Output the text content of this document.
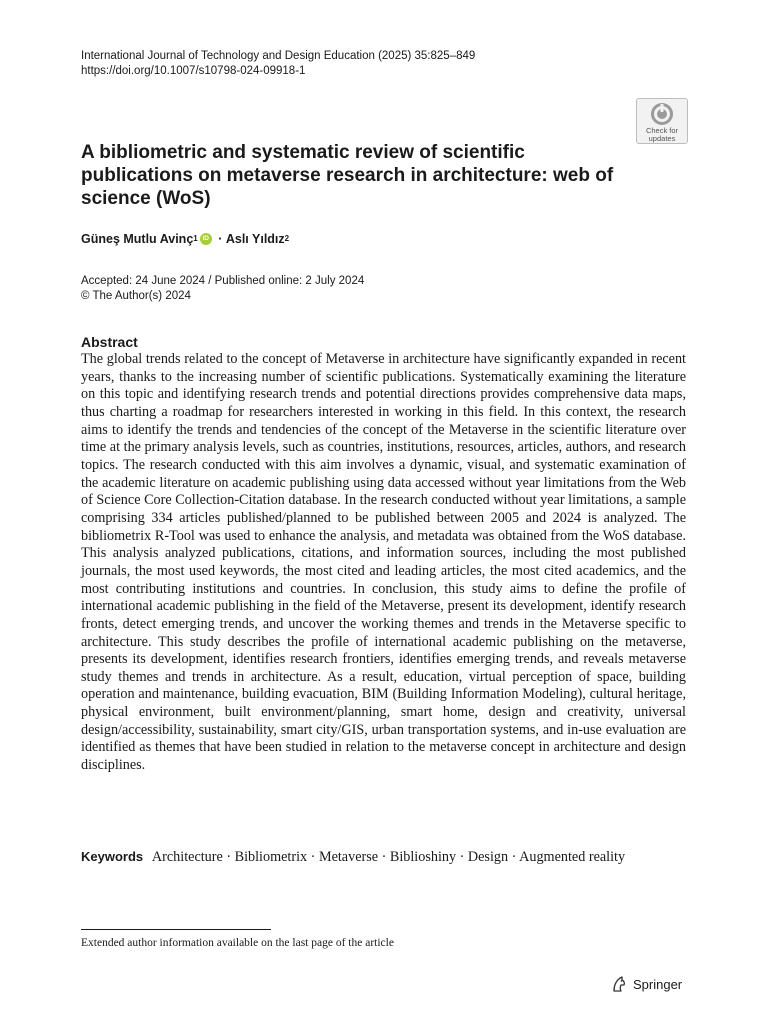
International Journal of Technology and Design Education (2025) 35:825–849
https://doi.org/10.1007/s10798-024-09918-1
Check for
updates
A bibliometric and systematic review of scientific publications on metaverse research in architecture: web of science (WoS)
Güneş Mutlu Avinç$^1$ iD · Aslı Yıldız$^2$
Accepted: 24 June 2024 / Published online: 2 July 2024
© The Author(s) 2024
Abstract

The global trends related to the concept of Metaverse in architecture have significantly expanded in recent years, thanks to the increasing number of scientific publications. Systematically examining the literature on this topic and identifying research trends and potential directions provides comprehensive data maps, thus charting a roadmap for researchers interested in working in this field. In this context, the research aims to identify the trends and tendencies of the concept of the Metaverse in the scientific literature over time at the primary analysis levels, such as countries, institutions, resources, articles, authors, and research topics. The research conducted with this aim involves a dynamic, visual, and systematic examination of the academic literature on academic publishing using data accessed without year limitations from the Web of Science Core Collection-Citation database. In the research conducted without year limitations, a sample comprising 334 articles published/planned to be published between 2005 and 2024 is analyzed. The bibliometrix R-Tool was used to enhance the analysis, and metadata was obtained from the WoS database. This analysis analyzed publications, citations, and information sources, including the most published journals, the most used keywords, the most cited and leading articles, the most cited academics, and the most contributing institutions and countries. In conclusion, this study aims to define the profile of international academic publishing in the field of the Metaverse, present its development, identify research fronts, detect emerging trends, and uncover the working themes and trends in the Metaverse specific to architecture. This study describes the profile of international academic publishing on the metaverse, presents its development, identifies research frontiers, identifies emerging trends, and reveals metaverse study themes and trends in architecture. As a result, education, virtual perception of space, building operation and maintenance, building evacuation, BIM (Building Information Modeling), cultural heritage, physical environment, built environment/planning, smart home, design and creativity, universal design/accessibility, sustainability, smart city/GIS, urban transportation systems, and in-use evaluation are identified as themes that have been studied in relation to the metaverse concept in architecture and design disciplines.

Keywords Architecture · Bibliometrix · Metaverse · Biblioshiny · Design · Augmented reality
Extended author information available on the last page of the article
Springer
